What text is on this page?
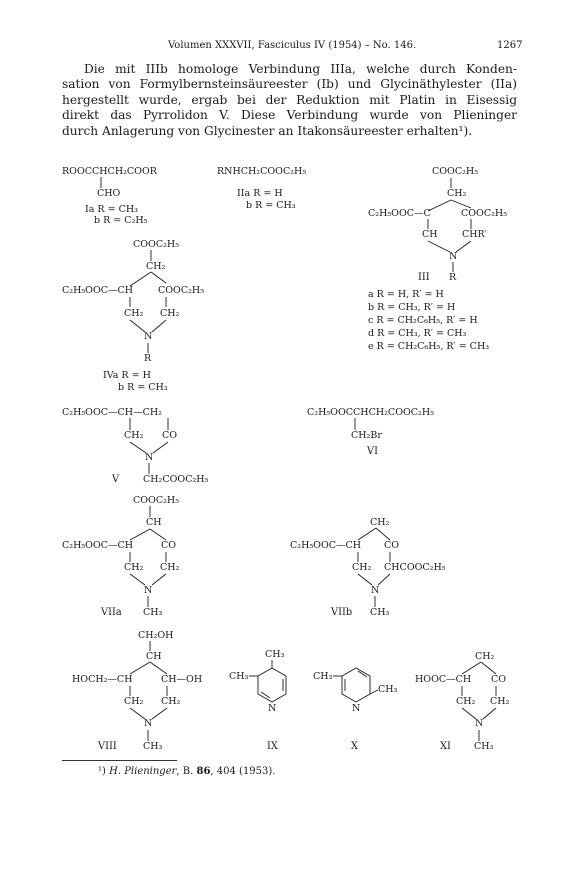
Volumen XXXVII, Fasciculus IV (1954) – No. 146.	1267
Die mit IIIb homologe Verbindung IIIa, welche durch Konden-
sation von Formylbernsteinsäureester (Ib) und Glycinäthylester (IIa)
hergestellt wurde, ergab bei der Reduktion mit Platin in Eisessig
direkt das Pyrrolidon V. Diese Verbindung wurde von Plieninger
durch Anlagerung von Glycinester an Itakonsäureester erhalten¹).
ROOCCHCH₂COOR
CHO
Ia R = CH₃
b R = C₂H₅
RNHCH₂COOC₂H₅
IIa R = H
b R = CH₃
COOC₂H₅
CH₂
C₂H₅OOC—C	COOC₂H₅
CH	CHR′
N
R
III
a R = H, R′ = H
b R = CH₃, R′ = H
c R = CH₂C₆H₅, R′ = H
d R = CH₃, R′ = CH₃
e R = CH₂C₆H₅, R′ = CH₃
COOC₂H₅
CH₂
C₂H₅OOC—CH	COOC₂H₅
CH₂ CH₂
N
R
IVa R = H
b R = CH₃
C₂H₅OOC—CH—CH₂
CH₂ CO
N
CH₂COOC₂H₅
V
C₂H₅OOCCHCH₂COOC₂H₅
CH₂Br
VI
COOC₂H₅
CH
C₂H₅OOC—CH	CO
CH₂ CH₂
N
CH₃
VIIa
CH₂
C₂H₅OOC—CH CO
CH₂ CHCOOC₂H₅
N
CH₃
VIIb
CH₂OH
CH
HOCH₂—CH	CH—OH
CH₂ CH₂
N
CH₃
VIII
CH₃
CH₃
N
IX
CH₃
CH₃
N
X
CH₂
HOOC—CH CO
CH₂ CH₂
N
CH₃
XI
¹) H. Plieninger, B. 86, 404 (1953).
